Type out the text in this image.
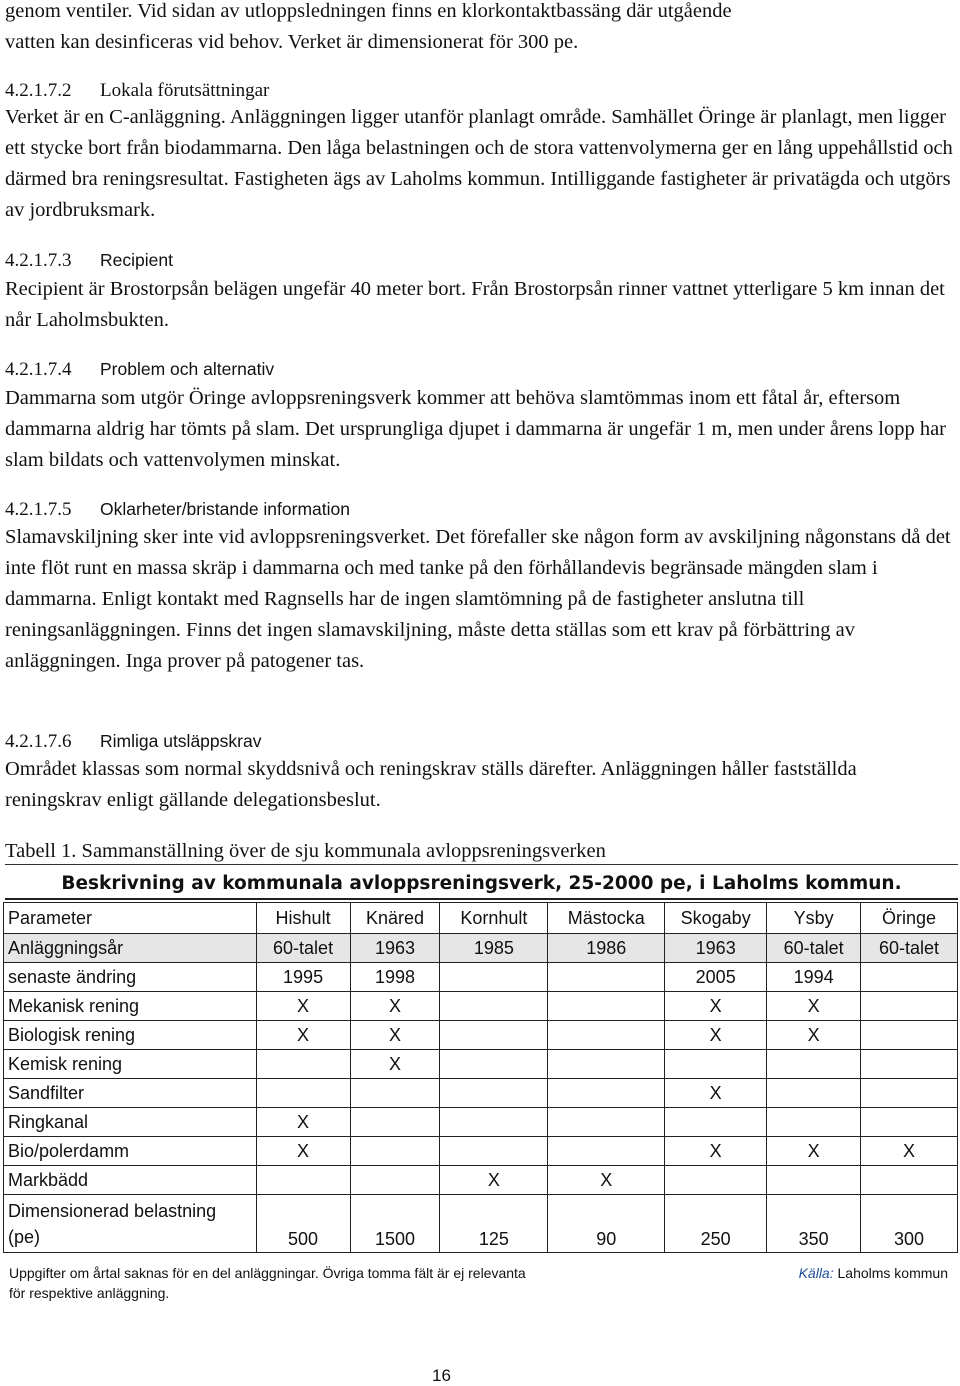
genom ventiler. Vid sidan av utloppsledningen finns en klorkontaktbassäng där utgående

vatten kan desinficeras vid behov. Verket är dimensionerat för 300 pe.

4.2.1.7.2 Lokala förutsättningar

Verket är en C-anläggning. Anläggningen ligger utanför planlagt område. Samhället Öringe är planlagt, men ligger ett stycke bort från biodammarna. Den låga belastningen och de stora vattenvolymerna ger en lång uppehållstid och därmed bra reningsresultat. Fastigheten ägs av Laholms kommun. Intilliggande fastigheter är privatägda och utgörs av jordbruksmark.

4.2.1.7.3 Recipient

Recipient är Brostorpsån belägen ungefär 40 meter bort. Från Brostorpsån rinner vattnet ytterligare 5 km innan det når Laholmsbukten.

4.2.1.7.4 Problem och alternativ

Dammarna som utgör Öringe avloppsreningsverk kommer att behöva slamtömmas inom ett fåtal år, eftersom dammarna aldrig har tömts på slam. Det ursprungliga djupet i dammarna är ungefär 1 m, men under årens lopp har slam bildats och vattenvolymen minskat.

4.2.1.7.5 Oklarheter/bristande information

Slamavskiljning sker inte vid avloppsreningsverket. Det förefaller ske någon form av avskiljning någonstans då det inte flöt runt en massa skräp i dammarna och med tanke på den förhållandevis begränsade mängden slam i dammarna. Enligt kontakt med Ragnsells har de ingen slamtömning på de fastigheter anslutna till reningsanläggningen. Finns det ingen slamavskiljning, måste detta ställas som ett krav på förbättring av anläggningen. Inga prover på patogener tas.

4.2.1.7.6 Rimliga utsläppskrav

Området klassas som normal skyddsnivå och reningskrav ställs därefter. Anläggningen håller fastställda reningskrav enligt gällande delegationsbeslut.

Tabell 1. Sammanställning över de sju kommunala avloppsreningsverken
Beskrivning av kommunala avloppsreningsverk, 25-2000 pe, i Laholms kommun.
Parameter	Hishult	Knäred	Kornhult	Mästocka	Skogaby	Ysby	Öringe
Anläggningsår	60-talet	1963	1985	1986	1963	60-talet	60-talet
senaste ändring	1995	1998			2005	1994	
Mekanisk rening	X	X			X	X	
Biologisk rening	X	X			X	X	
Kemisk rening		X					
Sandfilter					X		
Ringkanal	X						
Bio/polerdamm	X				X	X	X
Markbädd			X	X			
Dimensionerad belastning (pe)	500	1500	125	90	250	350	300
Uppgifter om årtal saknas för en del anläggningar. Övriga tomma fält är ej relevanta för respektive anläggning.
Källa: Laholms kommun
16
